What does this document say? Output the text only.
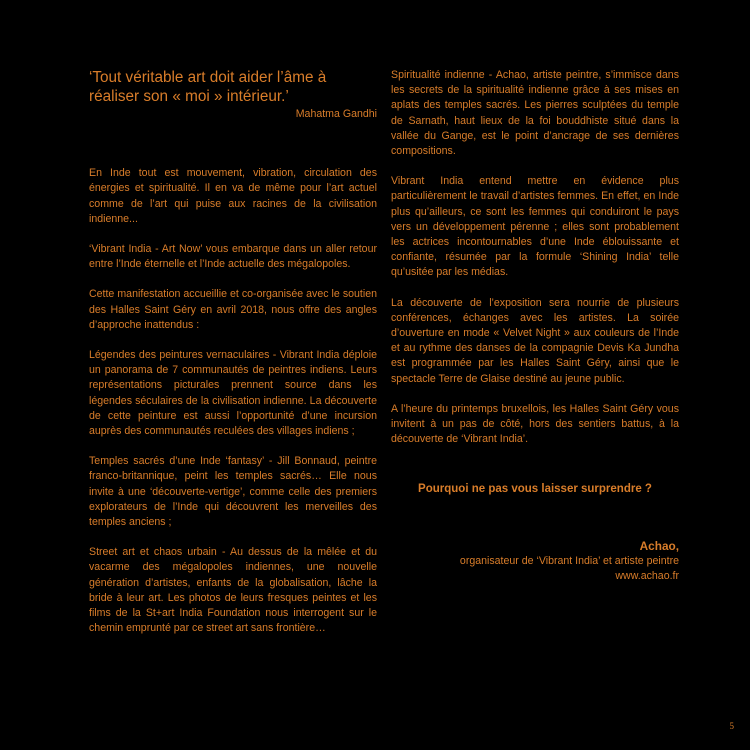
‘Tout véritable art doit aider l’âme à réaliser son « moi » intérieur.’

Mahatma Gandhi

En Inde tout est mouvement, vibration, circulation des énergies et spiritualité. Il en va de même pour l’art actuel comme de l’art qui puise aux racines de la civilisation indienne...

‘Vibrant India - Art Now’ vous embarque dans un aller retour entre l’Inde éternelle et l’Inde actuelle des mégalopoles.

Cette manifestation accueillie et co-organisée avec le soutien des Halles Saint Géry en avril 2018, nous offre des angles d’approche inattendus :

Légendes des peintures vernaculaires - Vibrant India déploie un panorama de 7 communautés de peintres indiens. Leurs représentations picturales prennent source dans les légendes séculaires de la civilisation indienne. La découverte de cette peinture est aussi l’opportunité d’une incursion auprès des communautés reculées des villages indiens ;

Temples sacrés d’une Inde ‘fantasy’ - Jill Bonnaud, peintre franco-britannique, peint les temples sacrés… Elle nous invite à une ‘découverte-vertige’, comme celle des premiers explorateurs de l’Inde qui découvrent les merveilles des temples anciens ;

Street art et chaos urbain - Au dessus de la mêlée et du vacarme des mégalopoles indiennes, une nouvelle génération d’artistes, enfants de la globalisation, lâche la bride à leur art. Les photos de leurs fresques peintes et les films de la St+art India Foundation nous interrogent sur le chemin emprunté par ce street art sans frontière…

Spiritualité indienne - Achao, artiste peintre, s’immisce dans les secrets de la spiritualité indienne grâce à ses mises en aplats des temples sacrés. Les pierres sculptées du temple de Sarnath, haut lieux de la foi bouddhiste situé dans la vallée du Gange, est le point d’ancrage de ses dernières compositions.

Vibrant India entend mettre en évidence plus particulièrement le travail d’artistes femmes. En effet, en Inde plus qu’ailleurs, ce sont les femmes qui conduiront le pays vers un développement pérenne ; elles sont probablement les actrices incontournables d’une Inde éblouissante et confiante, résumée par la formule ‘Shining India’ telle qu’usitée par les médias.

La découverte de l’exposition sera nourrie de plusieurs conférences, échanges avec les artistes. La soirée d’ouverture en mode « Velvet Night » aux couleurs de l’Inde et au rythme des danses de la compagnie Devis Ka Jundha est programmée par les Halles Saint Géry, ainsi que le spectacle Terre de Glaise destiné au jeune public.

A l’heure du printemps bruxellois, les Halles Saint Géry vous invitent à un pas de côté, hors des sentiers battus, à la découverte de ‘Vibrant India’.

Pourquoi ne pas vous laisser surprendre ?

Achao,
organisateur de ‘Vibrant India’ et artiste peintre
www.achao.fr
5
